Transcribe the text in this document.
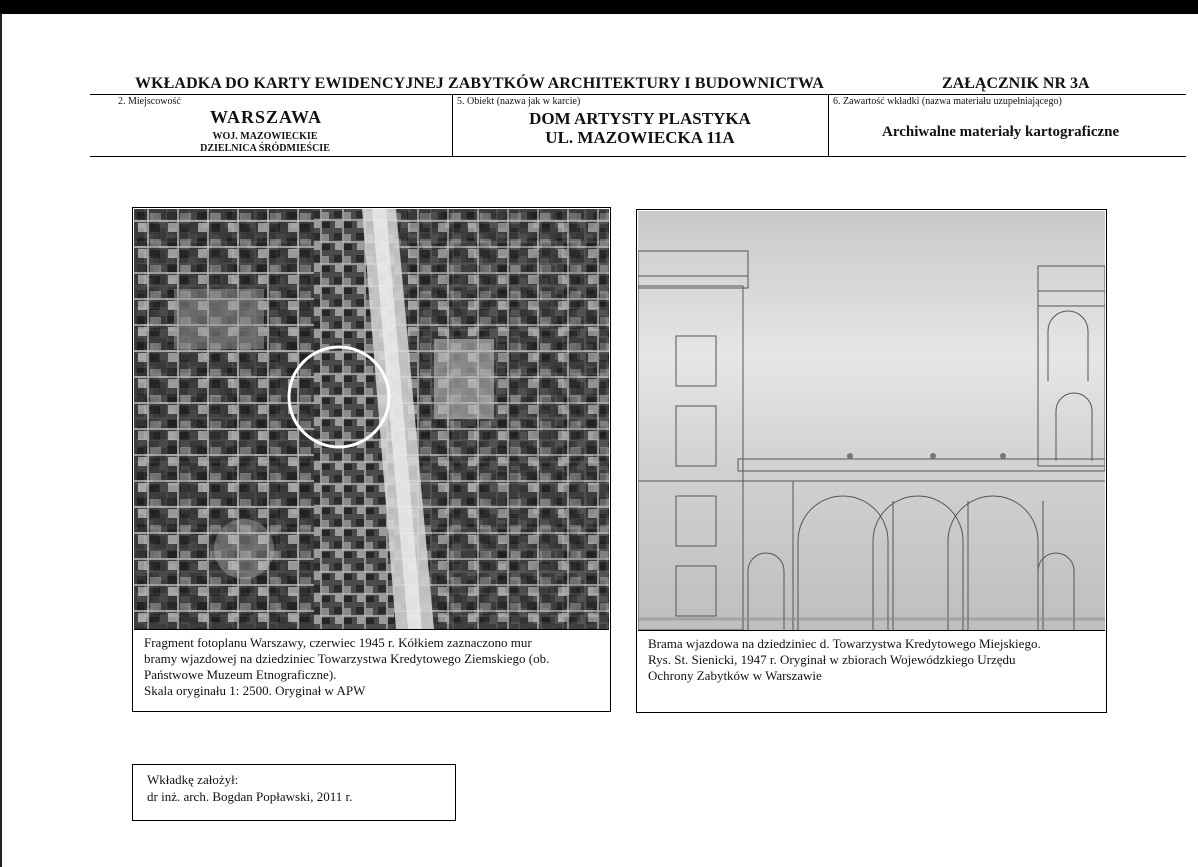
WKŁADKA DO KARTY EWIDENCYJNEJ ZABYTKÓW ARCHITEKTURY I BUDOWNICTWA	ZAŁĄCZNIK NR 3A
2. Miejscowość
WARSZAWA
WOJ. MAZOWIECKIE
DZIELNICA ŚRÓDMIEŚCIE
5. Obiekt (nazwa jak w karcie)
DOM ARTYSTY PLASTYKA
UL. MAZOWIECKA 11A
6. Zawartość wkładki (nazwa materiału uzupełniającego)
Archiwalne materiały kartograficzne
Fragment fotoplanu Warszawy, czerwiec 1945 r. Kółkiem zaznaczono mur
bramy wjazdowej na dziedziniec Towarzystwa Kredytowego Ziemskiego (ob.
Państwowe Muzeum Etnograficzne).
Skala oryginału 1: 2500. Oryginał w APW
Brama wjazdowa na dziedziniec d. Towarzystwa Kredytowego Miejskiego.
Rys. St. Sienicki, 1947 r. Oryginał w zbiorach Wojewódzkiego Urzędu
Ochrony Zabytków w Warszawie
Wkładkę założył:
dr inż. arch. Bogdan Popławski, 2011 r.
